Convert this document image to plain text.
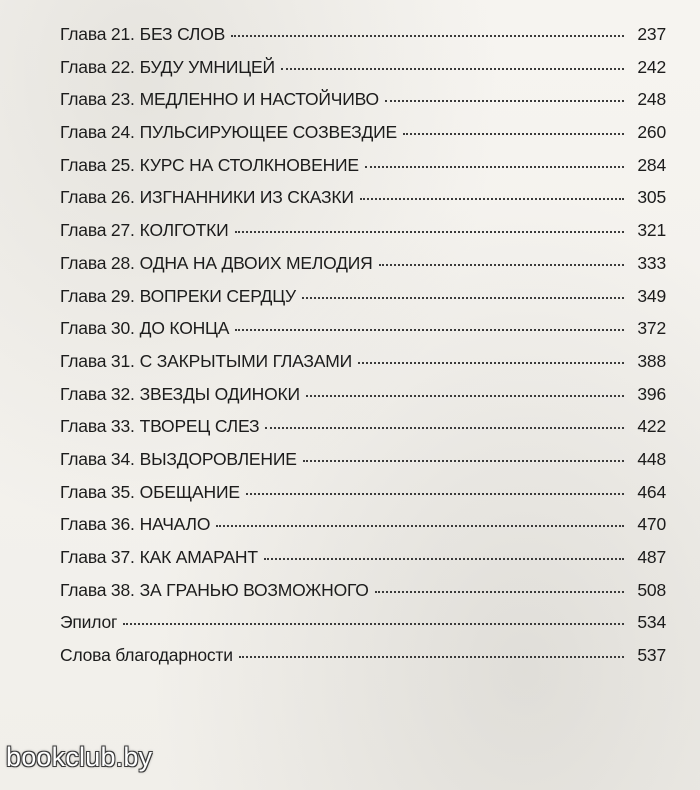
Глава 21. БЕЗ СЛОВ	237
Глава 22. БУДУ УМНИЦЕЙ	242
Глава 23. МЕДЛЕННО И НАСТОЙЧИВО	248
Глава 24. ПУЛЬСИРУЮЩЕЕ СОЗВЕЗДИЕ	260
Глава 25. КУРС НА СТОЛКНОВЕНИЕ	284
Глава 26. ИЗГНАННИКИ ИЗ СКАЗКИ	305
Глава 27. КОЛГОТКИ	321
Глава 28. ОДНА НА ДВОИХ МЕЛОДИЯ	333
Глава 29. ВОПРЕКИ СЕРДЦУ	349
Глава 30. ДО КОНЦА	372
Глава 31. С ЗАКРЫТЫМИ ГЛАЗАМИ	388
Глава 32. ЗВЕЗДЫ ОДИНОКИ	396
Глава 33. ТВОРЕЦ СЛЕЗ	422
Глава 34. ВЫЗДОРОВЛЕНИЕ	448
Глава 35. ОБЕЩАНИЕ	464
Глава 36. НАЧАЛО	470
Глава 37. КАК АМАРАНТ	487
Глава 38. ЗА ГРАНЬЮ ВОЗМОЖНОГО	508
Эпилог	534
Слова благодарности	537
bookclub.by
